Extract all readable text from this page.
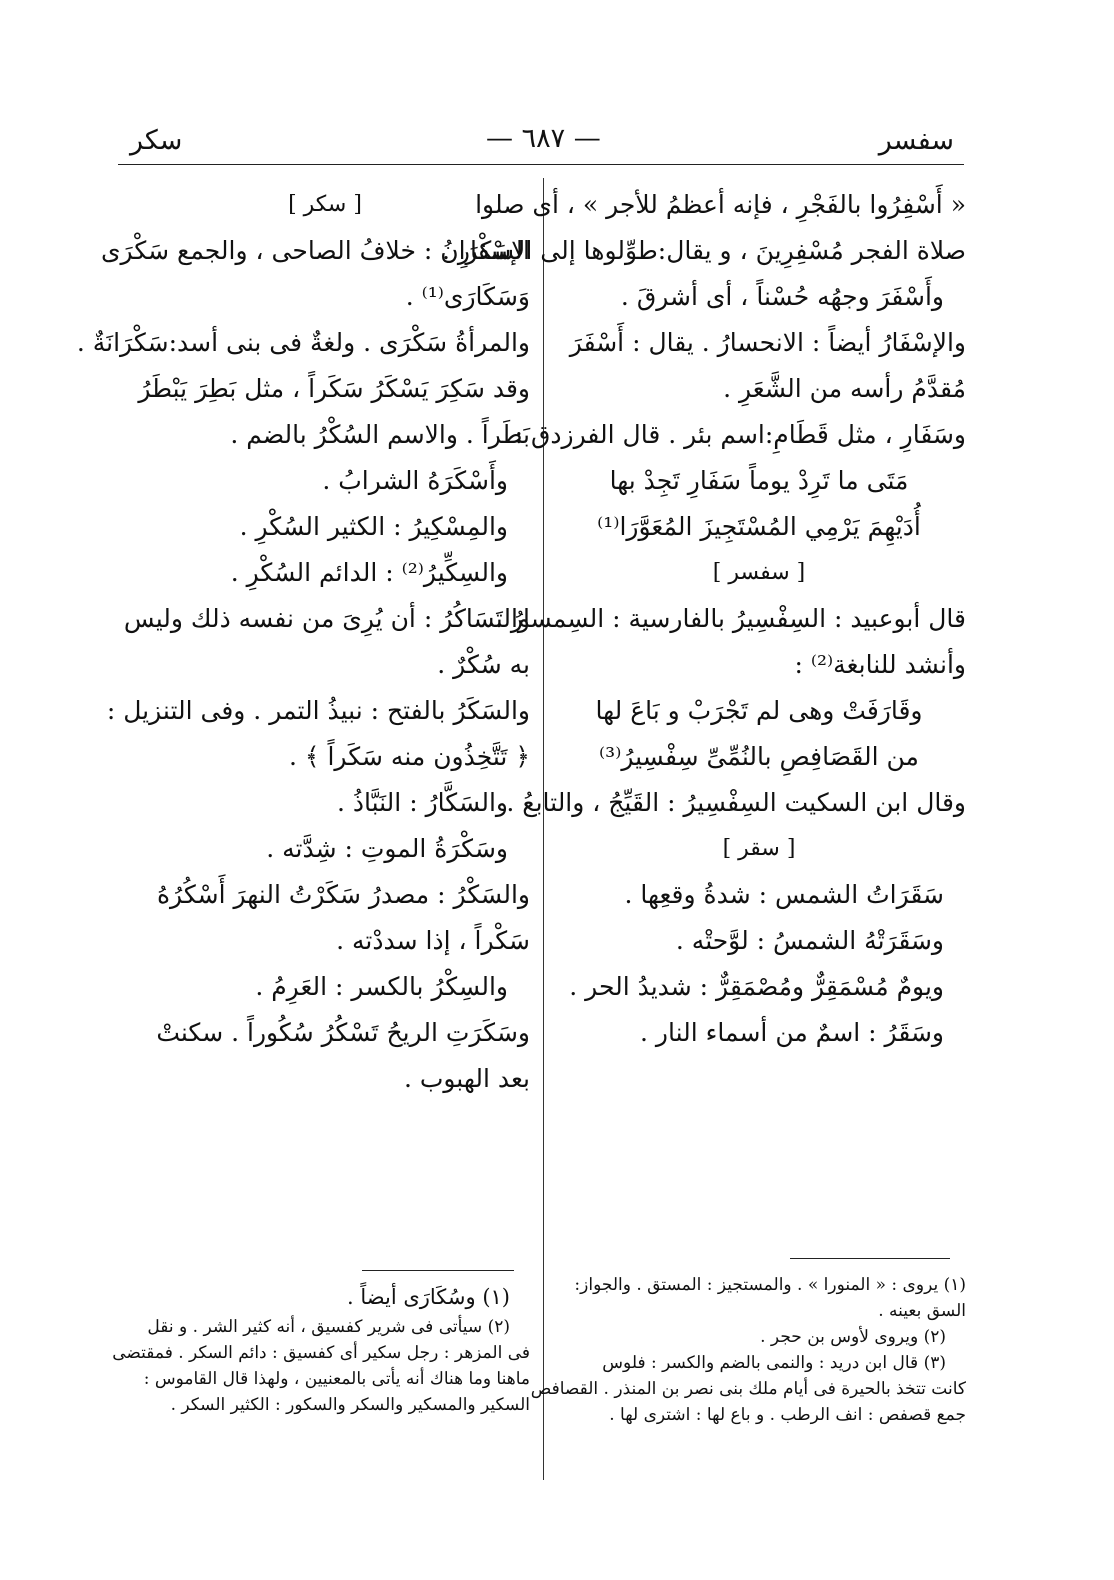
سفسر
— ٦٨٧ —
سكر
« أَسْفِرُوا بالفَجْرِ ، فإنه أعظمُ للأجر » ، أى صلوا
صلاة الفجر مُسْفِرِينَ ، و يقال:طوِّلوها إلى الإسْفارِ .
وأَسْفَرَ وجهُه حُسْناً ، أى أشرقَ .
والإسْفَارُ أيضاً : الانحسارُ . يقال : أَسْفَرَ
مُقدَّمُ رأسه من الشَّعَرِ .
وسَفَارِ ، مثل قَطَامِ:اسم بئر . قال الفرزدق :
مَتَى ما تَرِدْ يوماً سَفَارِ تَجِدْ بها
أُدَيْهِمَ يَرْمِي المُسْتَجِيزَ المُعَوَّرَا⁽¹⁾
[ سفسر ]
قال أبوعبيد : السِفْسِيرُ بالفارسية : السِمسارُ .
وأنشد للنابغة⁽²⁾ :
وقَارَفَتْ وهى لم تَجْرَبْ و بَاعَ لها
من القَصَافِصِ بالنُمِّىِّ سِفْسِيرُ⁽³⁾
وقال ابن السكيت السِفْسِيرُ : القَيِّجُ ، والتابعُ .
[ سقر ]
سَقَرَاتُ الشمس : شدةُ وقعِها .
وسَقَرَتْهُ الشمسُ : لوَّحتْه .
ويومٌ مُسْمَقِرٌّ ومُصْمَقِرٌّ : شديدُ الحر .
وسَقَرُ : اسمٌ من أسماء النار .
[ سكر ]
السَكْرَانُ : خلافُ الصاحى ، والجمع سَكْرَى
وَسَكَارَى⁽¹⁾ .
والمرأةُ سَكْرَى . ولغةٌ فى بنى أسد:سَكْرَانَةٌ .
وقد سَكِرَ يَسْكَرُ سَكَراً ، مثل بَطِرَ يَبْطَرُ
بَطَراً . والاسم السُكْرُ بالضم .
وأَسْكَرَهُ الشرابُ .
والمِسْكِيرُ : الكثير السُكْرِ .
والسِكِّيرُ⁽²⁾ : الدائم السُكْرِ .
والتَسَاكُرُ : أن يُرِىَ من نفسه ذلك وليس
به سُكْرٌ .
والسَكَرُ بالفتح : نبيذُ التمر . وفى التنزيل :
﴿ تَتَّخِذُون منه سَكَراً ﴾ .
والسَكَّارُ : النَبَّاذُ .
وسَكْرَةُ الموتِ : شِدَّته .
والسَكْرُ : مصدرُ سَكَرْتُ النهرَ أَسْكُرُهُ
سَكْراً ، إذا سددْته .
والسِكْرُ بالكسر : العَرِمُ .
وسَكَرَتِ الريحُ تَسْكُرُ سُكُوراً . سكنتْ
بعد الهبوب .
(١) يروى : « المنورا » . والمستجيز : المستق . والجواز:
السق بعينه .
(٢) ويروى لأوس بن حجر .
(٣) قال ابن دريد : والنمى بالضم والكسر : فلوس
كانت تتخذ بالحيرة فى أيام ملك بنى نصر بن المنذر . القصافص
جمع قصفص : انف الرطب . و باع لها : اشترى لها .
(١) وسُكَارَى أيضاً .
(٢) سيأتى فى شرير كفسيق ، أنه كثير الشر . و نقل
فى المزهر : رجل سكير أى كفسيق : دائم السكر . فمقتضى
ماهنا وما هناك أنه يأتى بالمعنيين ، ولهذا قال القاموس :
السكير والمسكير والسكر والسكور : الكثير السكر .
